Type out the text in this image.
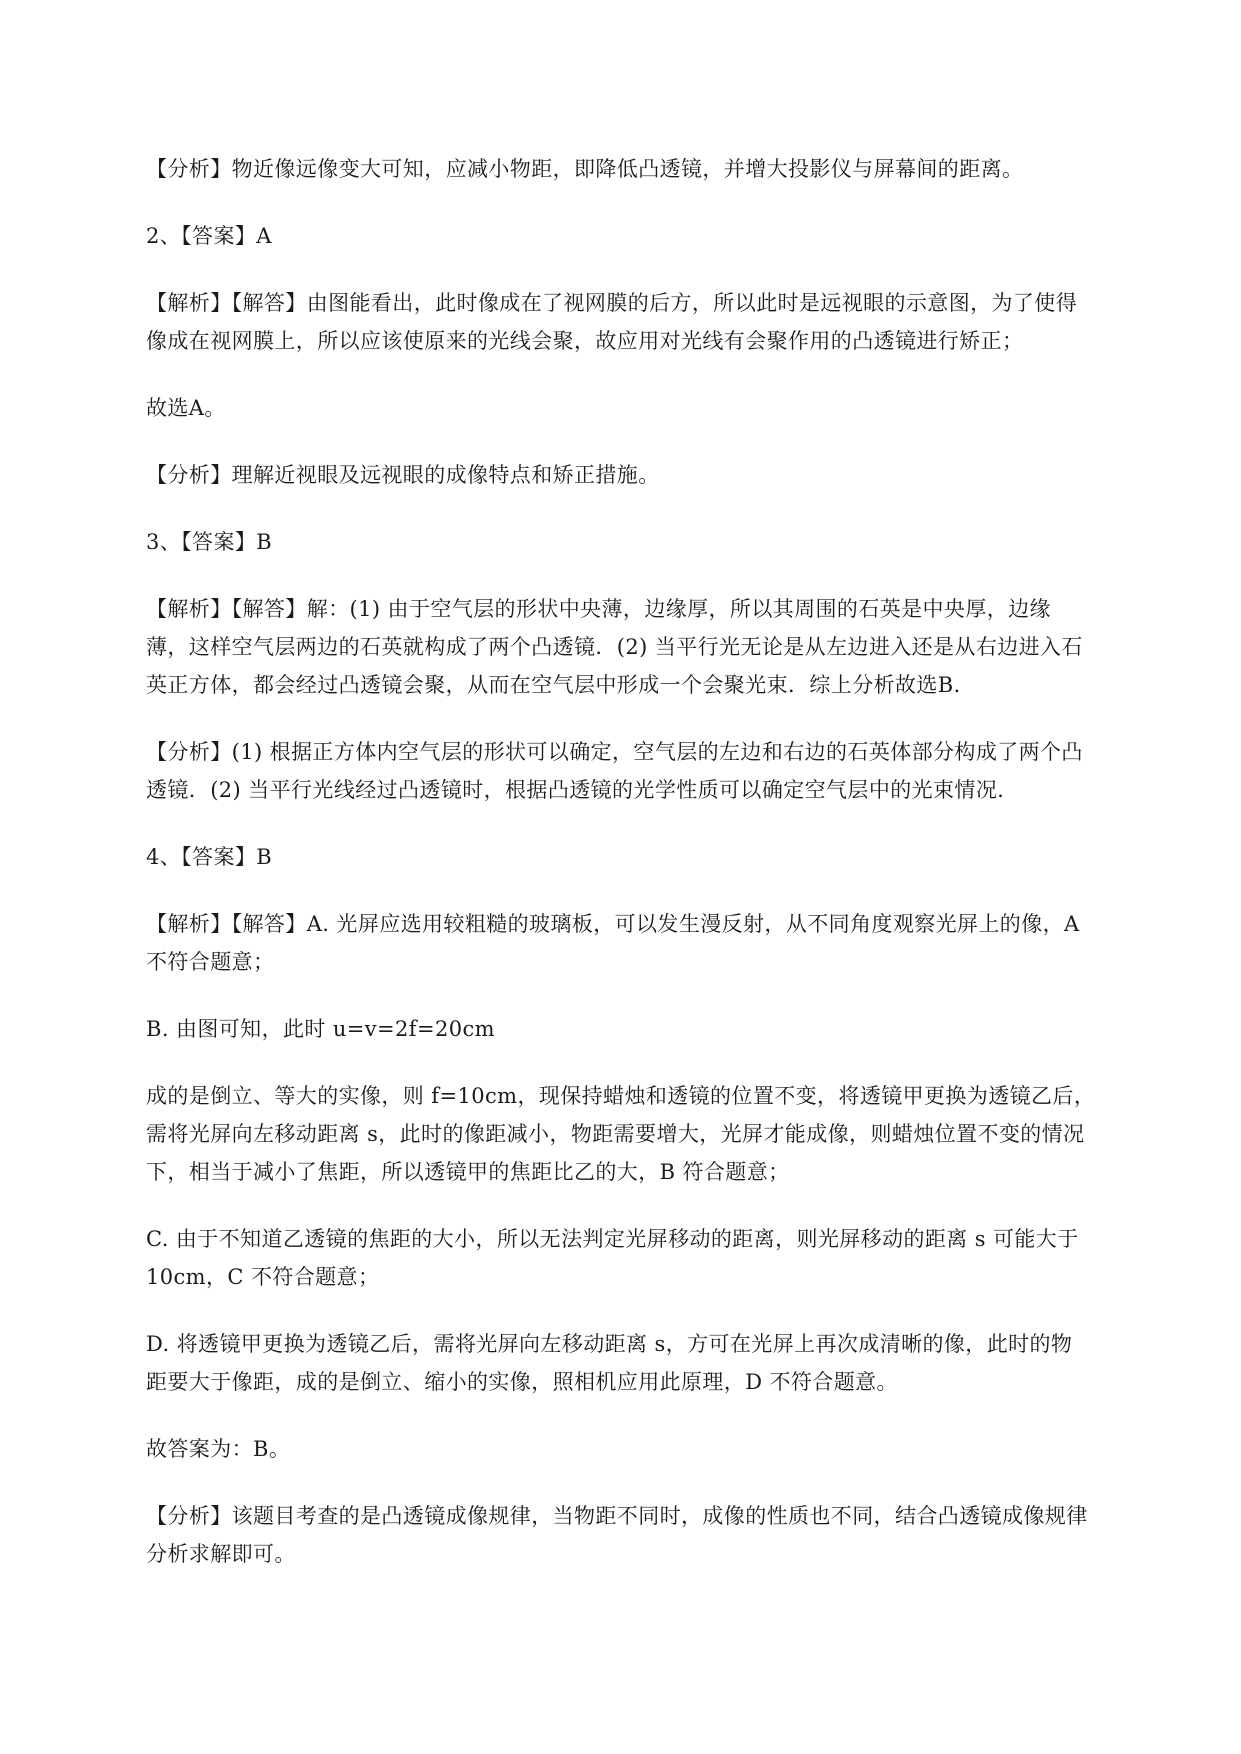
【分析】物近像远像变大可知，应减小物距，即降低凸透镜，并增大投影仪与屏幕间的距离。

2、【答案】A

【解析】【解答】由图能看出，此时像成在了视网膜的后方，所以此时是远视眼的示意图，为了使得
像成在视网膜上，所以应该使原来的光线会聚，故应用对光线有会聚作用的凸透镜进行矫正；

故选A。

【分析】理解近视眼及远视眼的成像特点和矫正措施。

3、【答案】B

【解析】【解答】解：(1) 由于空气层的形状中央薄，边缘厚，所以其周围的石英是中央厚，边缘
薄，这样空气层两边的石英就构成了两个凸透镜．(2) 当平行光无论是从左边进入还是从右边进入石
英正方体，都会经过凸透镜会聚，从而在空气层中形成一个会聚光束．综上分析故选B．

【分析】(1) 根据正方体内空气层的形状可以确定，空气层的左边和右边的石英体部分构成了两个凸
透镜．(2) 当平行光线经过凸透镜时，根据凸透镜的光学性质可以确定空气层中的光束情况．

4、【答案】B

【解析】【解答】A. 光屏应选用较粗糙的玻璃板，可以发生漫反射，从不同角度观察光屏上的像，A
不符合题意；

B. 由图可知，此时 u=v=2f=20cm

成的是倒立、等大的实像，则 f=10cm，现保持蜡烛和透镜的位置不变，将透镜甲更换为透镜乙后，
需将光屏向左移动距离 s，此时的像距减小，物距需要增大，光屏才能成像，则蜡烛位置不变的情况
下，相当于减小了焦距，所以透镜甲的焦距比乙的大，B 符合题意；

C. 由于不知道乙透镜的焦距的大小，所以无法判定光屏移动的距离，则光屏移动的距离 s 可能大于
10cm，C 不符合题意；

D. 将透镜甲更换为透镜乙后，需将光屏向左移动距离 s，方可在光屏上再次成清晰的像，此时的物
距要大于像距，成的是倒立、缩小的实像，照相机应用此原理，D 不符合题意。

故答案为：B。

【分析】该题目考查的是凸透镜成像规律，当物距不同时，成像的性质也不同，结合凸透镜成像规律
分析求解即可。
